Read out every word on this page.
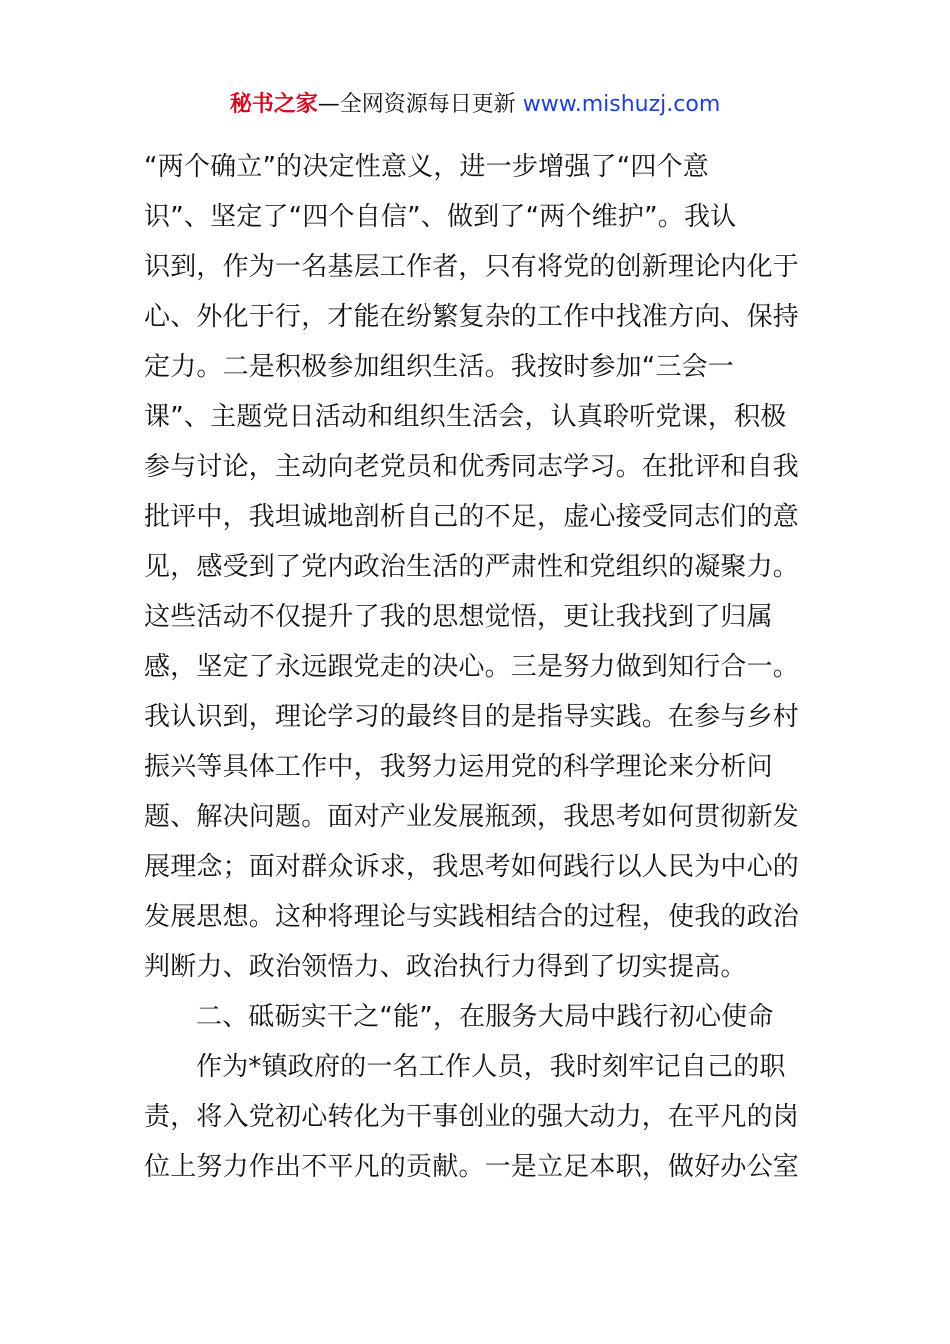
秘书之家—全网资源每日更新 www.mishuzj.com
“两个确立”的决定性意义，进一步增强了“四个意
识”、坚定了“四个自信”、做到了“两个维护”。我认
识到，作为一名基层工作者，只有将党的创新理论内化于
心、外化于行，才能在纷繁复杂的工作中找准方向、保持
定力。二是积极参加组织生活。我按时参加“三会一
课”、主题党日活动和组织生活会，认真聆听党课，积极
参与讨论，主动向老党员和优秀同志学习。在批评和自我
批评中，我坦诚地剖析自己的不足，虚心接受同志们的意
见，感受到了党内政治生活的严肃性和党组织的凝聚力。
这些活动不仅提升了我的思想觉悟，更让我找到了归属
感，坚定了永远跟党走的决心。三是努力做到知行合一。
我认识到，理论学习的最终目的是指导实践。在参与乡村
振兴等具体工作中，我努力运用党的科学理论来分析问
题、解决问题。面对产业发展瓶颈，我思考如何贯彻新发
展理念；面对群众诉求，我思考如何践行以人民为中心的
发展思想。这种将理论与实践相结合的过程，使我的政治
判断力、政治领悟力、政治执行力得到了切实提高。
二、砥砺实干之“能”，在服务大局中践行初心使命
作为*镇政府的一名工作人员，我时刻牢记自己的职
责，将入党初心转化为干事创业的强大动力，在平凡的岗
位上努力作出不平凡的贡献。一是立足本职，做好办公室
